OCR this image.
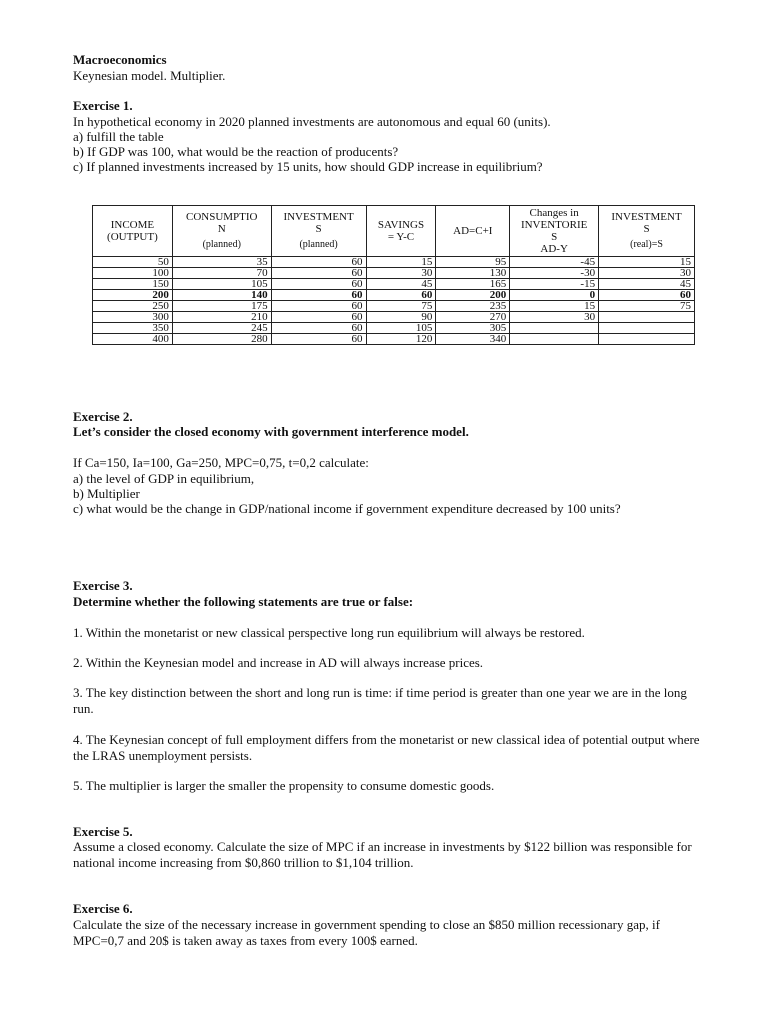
Macroeconomics
Keynesian model. Multiplier.
Exercise 1.
In hypothetical economy in 2020 planned investments are autonomous and equal 60 (units).
a) fulfill the table
b) If GDP was 100, what would be the reaction of producents?
c) If planned investments increased by 15 units, how should GDP increase in equilibrium?
INCOME
(OUTPUT)	CONSUMPTIO
N
(planned)	INVESTMENT
S
(planned)	SAVINGS
= Y-C	AD=C+I	Changes in
INVENTORIE
S
AD-Y	INVESTMENT
S
(real)=S

50	35	60	15	95	-45	15
100	70	60	30	130	-30	30
150	105	60	45	165	-15	45
200	140	60	60	200	0	60
250	175	60	75	235	15	75
300	210	60	90	270	30	
350	245	60	105	305		
400	280	60	120	340		
Exercise 2.
Let’s consider the closed economy with government interference model.
If Ca=150, Ia=100, Ga=250, MPC=0,75, t=0,2 calculate:
a) the level of GDP in equilibrium,
b) Multiplier
c) what would be the change in GDP/national income if government expenditure decreased by 100 units?
Exercise 3.
Determine whether the following statements are true or false:
1. Within the monetarist or new classical perspective long run equilibrium will always be restored.
2. Within the Keynesian model and increase in AD will always increase prices.
3. The key distinction between the short and long run is time: if time period is greater than one year we are in the long run.
4. The Keynesian concept of full employment differs from the monetarist or new classical idea of potential output where the LRAS unemployment persists.
5. The multiplier is larger the smaller the propensity to consume domestic goods.
Exercise 5.
Assume a closed economy. Calculate the size of MPC if an increase in investments by $122 billion was responsible for national income increasing from $0,860 trillion to $1,104 trillion.
Exercise 6.
Calculate the size of the necessary increase in government spending to close an $850 million recessionary gap, if MPC=0,7 and 20$ is taken away as taxes from every 100$ earned.
